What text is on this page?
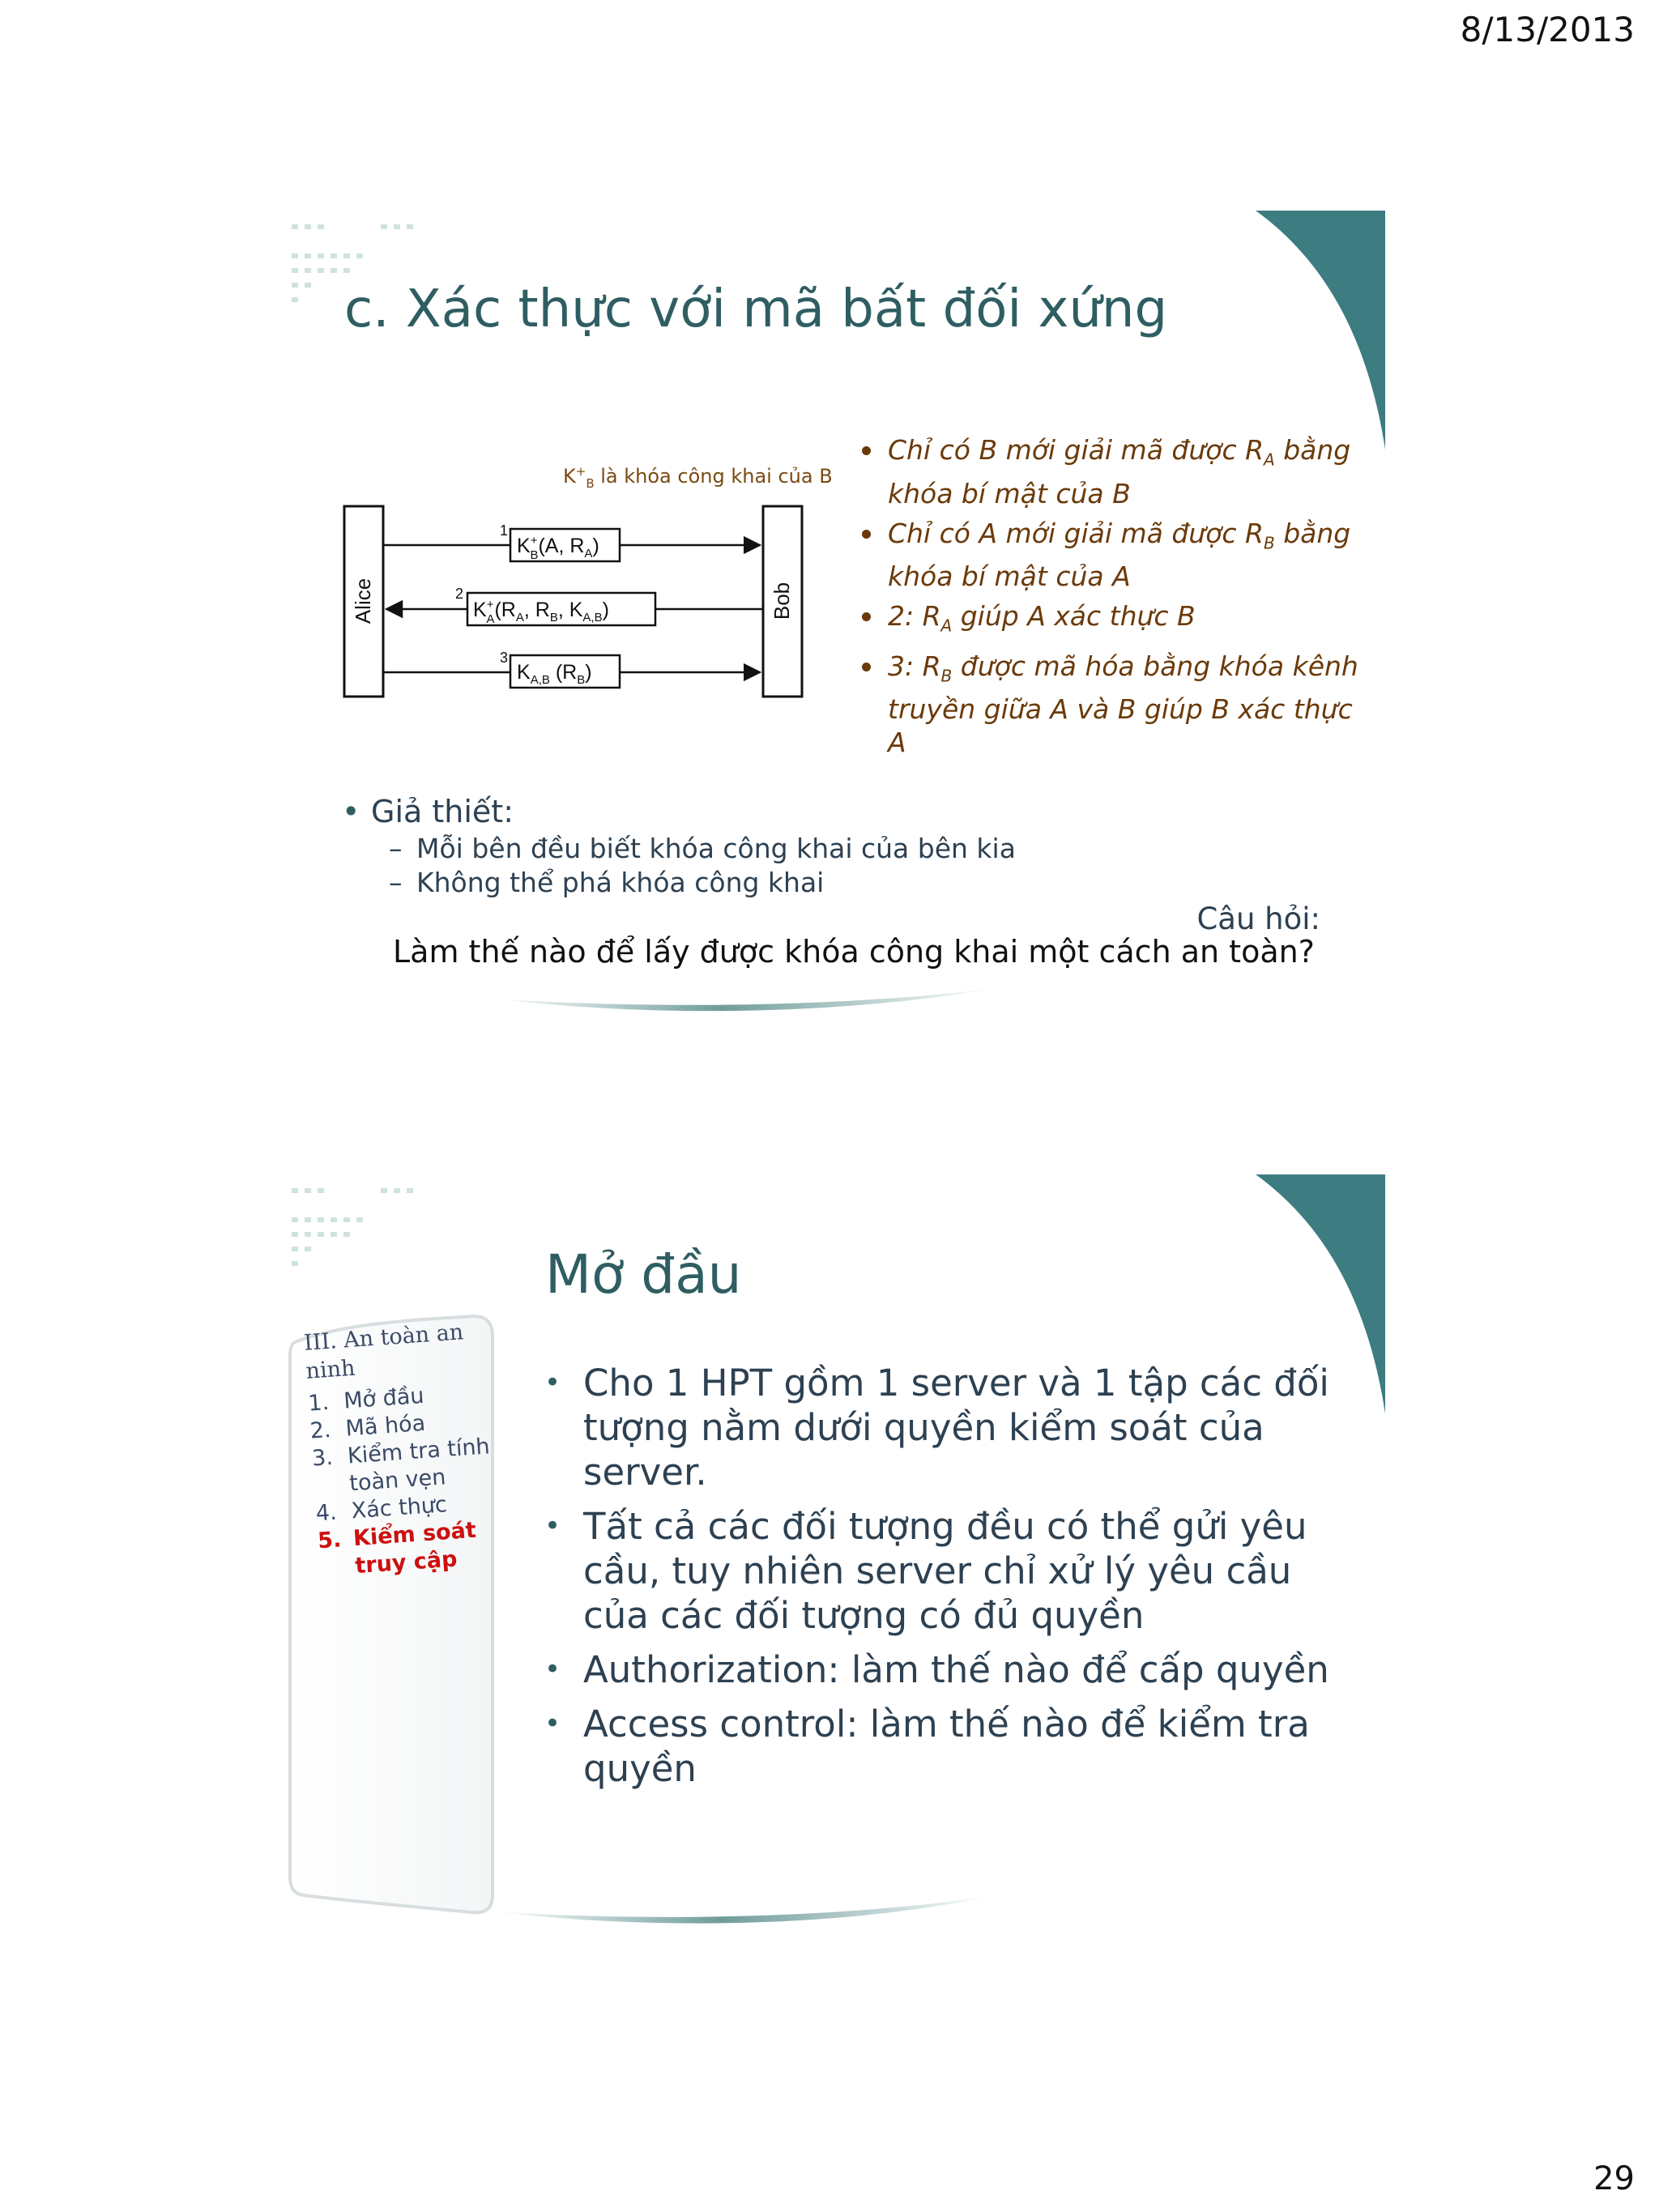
8/13/2013
c. Xác thực với mã bất đối xứng
$K^+_B$ là khóa công khai của B
Alice	Bob
1
K+ B(A, $R_A$)
2
K+ $A(R_A$, $R_B$, $K_{A,B}$)
3
$K_{A,B}$ $(R_B)$
Chỉ có B mới giải mã được $R_A$ bằng khóa bí mật của B
Chỉ có A mới giải mã được $R_B$ bằng khóa bí mật của A
2: $R_A$ giúp A xác thực B
3: $R_B$ được mã hóa bằng khóa kênh truyền giữa A và B giúp B xác thực A
• Giả thiết:
– Mỗi bên đều biết khóa công khai của bên kia
– Không thể phá khóa công khai
Câu hỏi:
Làm thế nào để lấy được khóa công khai một cách an toàn?
III. An toàn an ninh
1. Mở đầu
2. Mã hóa
3. Kiểm tra tính toàn vẹn
4. Xác thực
5. Kiểm soát truy cập
Mở đầu
• Cho 1 HPT gồm 1 server và 1 tập các đối tượng nằm dưới quyền kiểm soát của server.
• Tất cả các đối tượng đều có thể gửi yêu cầu, tuy nhiên server chỉ xử lý yêu cầu của các đối tượng có đủ quyền
• Authorization: làm thế nào để cấp quyền
• Access control: làm thế nào để kiểm tra quyền
29
